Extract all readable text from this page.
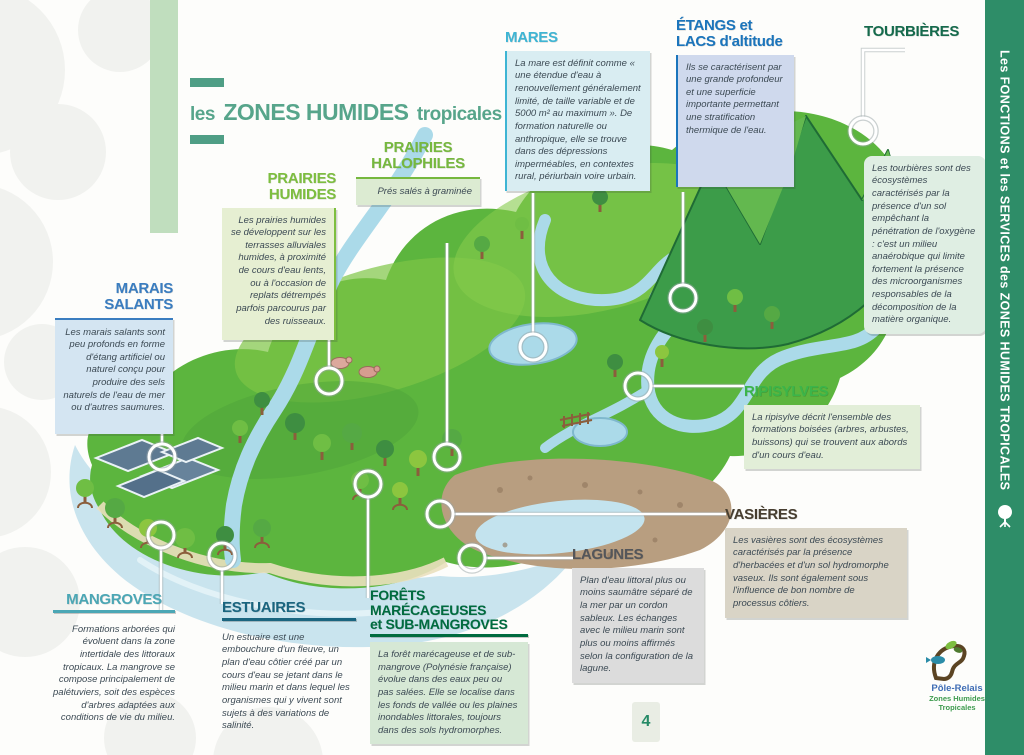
les ZONES HUMIDES tropicales
MARES
La mare est définit comme « une étendue d'eau à renouvellement généralement limité, de taille variable et de 5000 m² au maximum ». De formation naturelle ou anthropique, elle se trouve dans des dépressions imperméables, en contextes rural, périurbain voire urbain.
ÉTANGS et
LACS d'altitude
Ils se caractérisent par une grande profondeur et une superficie importante permettant une stratification thermique de l'eau.
TOURBIÈRES
Les tourbières sont des écosystèmes caractérisés par la présence d'un sol empêchant la pénétration de l'oxygène : c'est un milieu anaérobique qui limite fortement la présence des microorganismes responsables de la décomposition de la matière organique.
PRAIRIES HUMIDES
Les prairies humides se développent sur les terrasses alluviales humides, à proximité de cours d'eau lents, ou à l'occasion de replats détrempés parfois parcourus par des ruisseaux.
PRAIRIES
HALOPHILES
Prés salés à graminée
MARAIS SALANTS
Les marais salants sont peu profonds en forme d'étang artificiel ou naturel conçu pour produire des sels naturels de l'eau de mer ou d'autres saumures.
RIPISYLVES
La ripisylve décrit l'ensemble des formations boisées (arbres, arbustes, buissons) qui se trouvent aux abords d'un cours d'eau.
VASIÈRES
Les vasières sont des écosystèmes caractérisés par la présence d'herbacées et d'un sol hydromorphe vaseux. Ils sont également sous l'influence de bon nombre de processus côtiers.
MANGROVES
Formations arborées qui évoluent dans la zone intertidale des littoraux tropicaux. La mangrove se compose principalement de palétuviers, soit des espèces d'arbres adaptées aux conditions de vie du milieu.
ESTUAIRES
Un estuaire est une embouchure d'un fleuve, un plan d'eau côtier créé par un cours d'eau se jetant dans le milieu marin et dans lequel les organismes qui y vivent sont sujets à des variations de salinité.
FORÊTS MARÉCAGEUSES
et SUB-MANGROVES
La forêt marécageuse et de sub-mangrove (Polynésie française) évolue dans des eaux peu ou pas salées. Elle se localise dans les fonds de vallée ou les plaines inondables littorales, toujours dans des sols hydromorphes.
LAGUNES
Plan d'eau littoral plus ou moins saumâtre séparé de la mer par un cordon sableux. Les échanges avec le milieu marin sont plus ou moins affirmés selon la configuration de la lagune.
Les FONCTIONS et les SERVICES des ZONES HUMIDES TROPICALES
4
Pôle-Relais
Zones Humides
Tropicales
